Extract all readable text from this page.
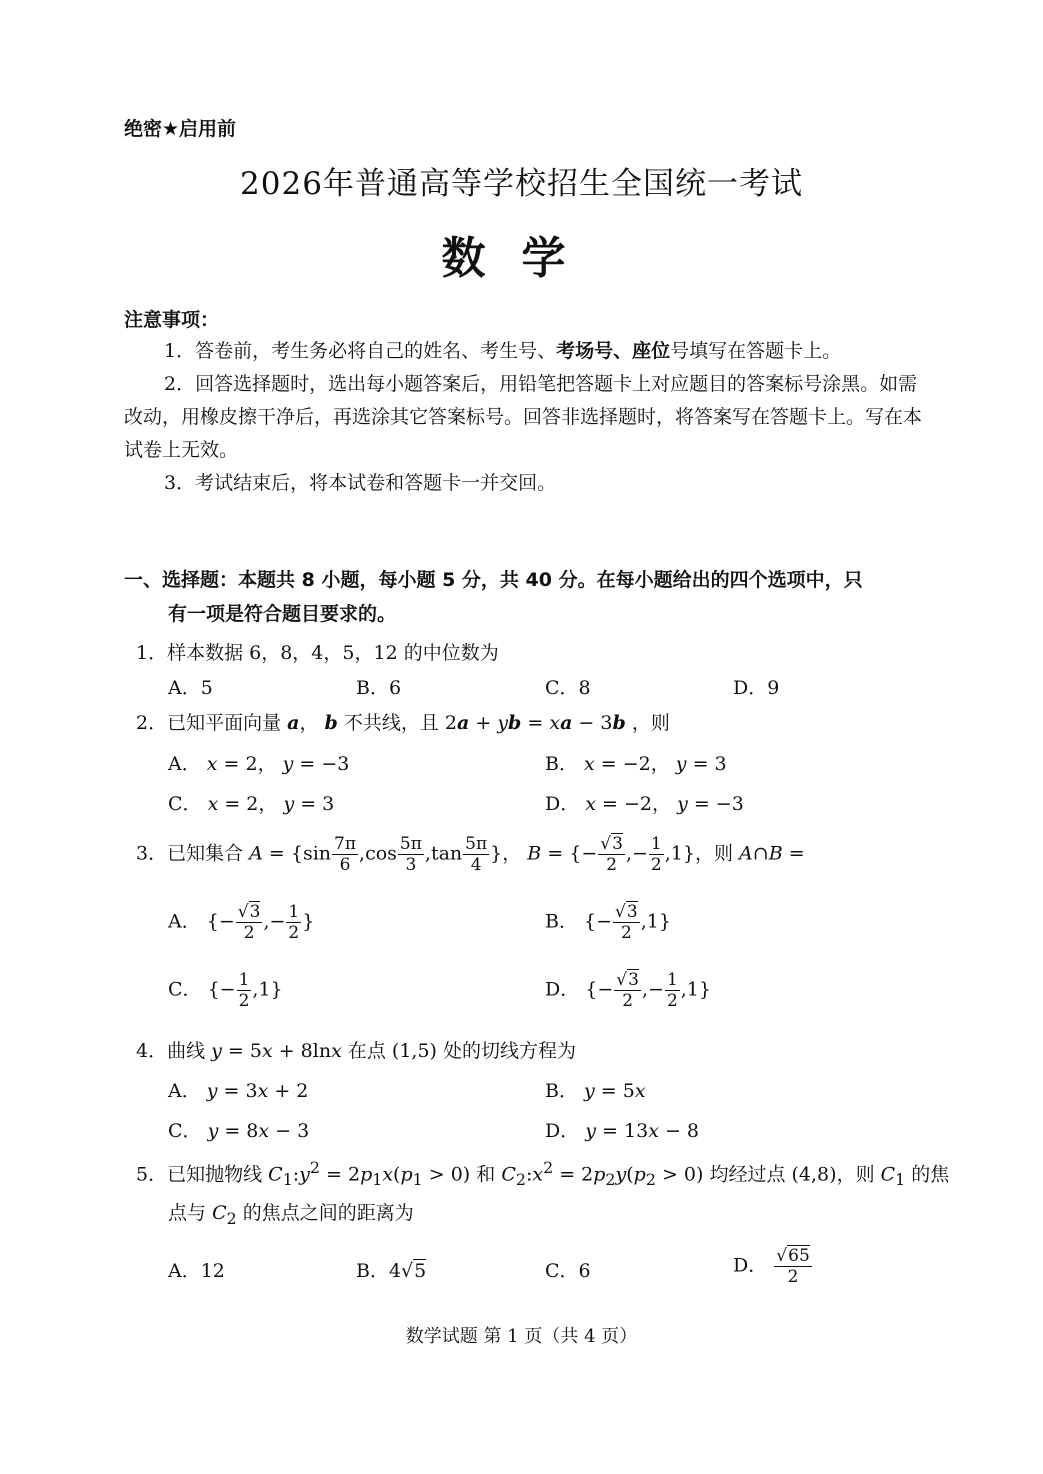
绝密★启用前
2026年普通高等学校招生全国统一考试
数学
注意事项：

1．答卷前，考生务必将自己的姓名、考生号、考场号、座位号填写在答题卡上。

2．回答选择题时，选出每小题答案后，用铅笔把答题卡上对应题目的答案标号涂黑。如需改动，用橡皮擦干净后，再选涂其它答案标号。回答非选择题时，将答案写在答题卡上。写在本试卷上无效。

3．考试结束后，将本试卷和答题卡一并交回。

一、选择题：本题共 8 小题，每小题 5 分，共 40 分。在每小题给出的四个选项中，只
有一项是符合题目要求的。
1．样本数据 6，8，4，5，12 的中位数为
A．5	B．6	C．8	D．9
2．已知平面向量 a， b 不共线，且 2a + yb = xa − 3b ，则
A． x = 2， y = −3	B． x = −2， y = 3
C． x = 2， y = 3	D． x = −2， y = −3
3．已知集合 $A = \{\sin \frac{7\pi}{6} ,\cos \frac{5\pi}{3} ,\tan \frac{5\pi}{4}$ }， B = {− $\frac{√3}{2}$ ,− $\frac{1}{2} ,1$}，则 A∩B =
A． {− $\frac{√3}{2}$ ,− $\frac{1}{2}$ }	B． {− $\frac{√3}{2} ,1$}
C． {− $\frac{1}{2} ,1$}	D． {− $\frac{√3}{2}$ ,− $\frac{1}{2} ,1$}
4．曲线 y = 5x + 8lnx 在点 (1,5) 处的切线方程为
A． y = 3x + 2	B． y = 5x
C． y = 8x − 3	D． y = 13x − 8
5．已知抛物线 $C_1:y^2 = 2p_1x(p_1 > 0)$ 和 $C_2:x^2 = 2p_2y(p_2 > 0)$ 均经过点 (4,8)，则 $C_1$ 的焦
点与 $C_2$ 的焦点之间的距离为
A．12	B．4√5	C．6	D． $\frac{√65}{2}$
数学试题 第 1 页（共 4 页）
